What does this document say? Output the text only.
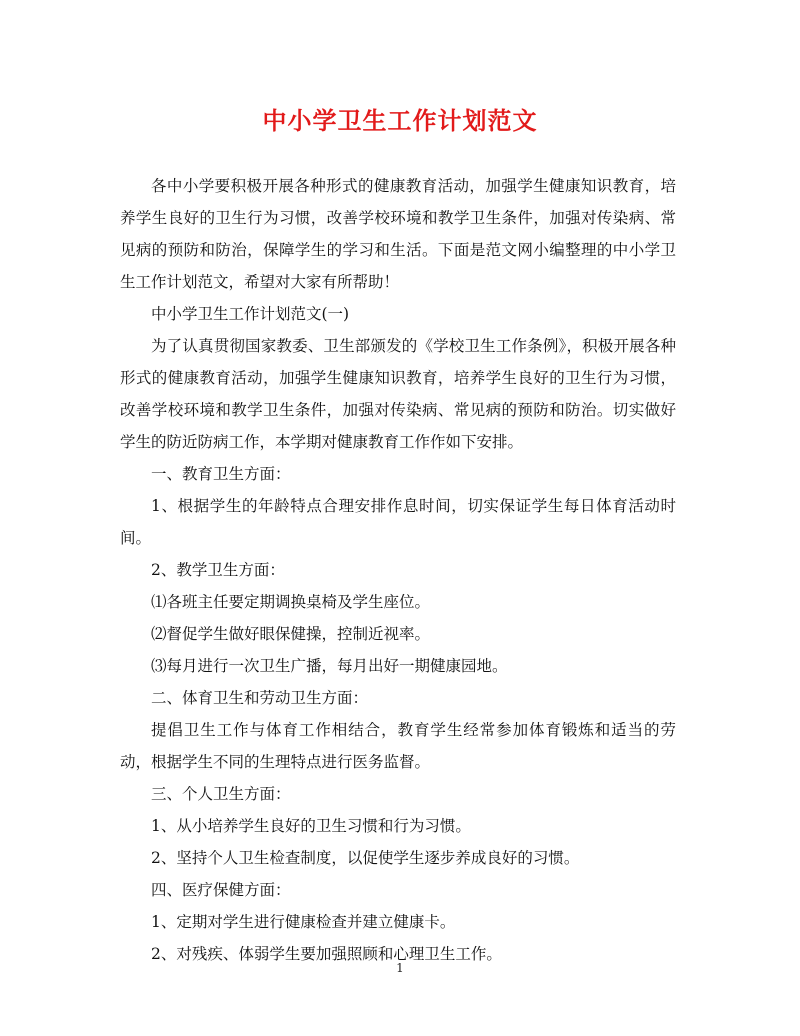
中小学卫生工作计划范文

各中小学要积极开展各种形式的健康教育活动，加强学生健康知识教育，培养学生良好的卫生行为习惯，改善学校环境和教学卫生条件，加强对传染病、常见病的预防和防治，保障学生的学习和生活。下面是范文网小编整理的中小学卫生工作计划范文，希望对大家有所帮助！

中小学卫生工作计划范文(一)

为了认真贯彻国家教委、卫生部颁发的《学校卫生工作条例》，积极开展各种形式的健康教育活动，加强学生健康知识教育，培养学生良好的卫生行为习惯，改善学校环境和教学卫生条件，加强对传染病、常见病的预防和防治。切实做好学生的防近防病工作，本学期对健康教育工作作如下安排。

一、教育卫生方面：

1、根据学生的年龄特点合理安排作息时间，切实保证学生每日体育活动时间。

2、教学卫生方面：

⑴各班主任要定期调换桌椅及学生座位。

⑵督促学生做好眼保健操，控制近视率。

⑶每月进行一次卫生广播，每月出好一期健康园地。

二、体育卫生和劳动卫生方面：

提倡卫生工作与体育工作相结合，教育学生经常参加体育锻炼和适当的劳动，根据学生不同的生理特点进行医务监督。

三、个人卫生方面：

1、从小培养学生良好的卫生习惯和行为习惯。

2、坚持个人卫生检查制度，以促使学生逐步养成良好的习惯。

四、医疗保健方面：

1、定期对学生进行健康检查并建立健康卡。

2、对残疾、体弱学生要加强照顾和心理卫生工作。

1
